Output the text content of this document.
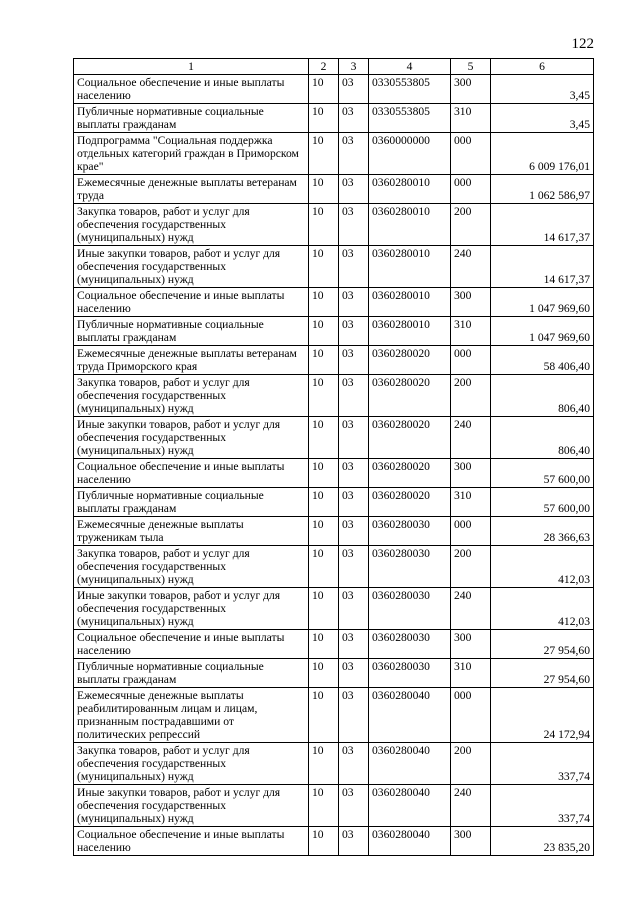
122
1	2	3	4	5	6
Социальное обеспечение и иные выплаты населению	10	03	0330553805	300	3,45
Публичные нормативные социальные выплаты гражданам	10	03	0330553805	310	3,45
Подпрограмма "Социальная поддержка отдельных категорий граждан в Приморском крае"	10	03	0360000000	000	6 009 176,01
Ежемесячные денежные выплаты ветеранам труда	10	03	0360280010	000	1 062 586,97
Закупка товаров, работ и услуг для обеспечения государственных (муниципальных) нужд	10	03	0360280010	200	14 617,37
Иные закупки товаров, работ и услуг для обеспечения государственных (муниципальных) нужд	10	03	0360280010	240	14 617,37
Социальное обеспечение и иные выплаты населению	10	03	0360280010	300	1 047 969,60
Публичные нормативные социальные выплаты гражданам	10	03	0360280010	310	1 047 969,60
Ежемесячные денежные выплаты ветеранам труда Приморского края	10	03	0360280020	000	58 406,40
Закупка товаров, работ и услуг для обеспечения государственных (муниципальных) нужд	10	03	0360280020	200	806,40
Иные закупки товаров, работ и услуг для обеспечения государственных (муниципальных) нужд	10	03	0360280020	240	806,40
Социальное обеспечение и иные выплаты населению	10	03	0360280020	300	57 600,00
Публичные нормативные социальные выплаты гражданам	10	03	0360280020	310	57 600,00
Ежемесячные денежные выплаты труженикам тыла	10	03	0360280030	000	28 366,63
Закупка товаров, работ и услуг для обеспечения государственных (муниципальных) нужд	10	03	0360280030	200	412,03
Иные закупки товаров, работ и услуг для обеспечения государственных (муниципальных) нужд	10	03	0360280030	240	412,03
Социальное обеспечение и иные выплаты населению	10	03	0360280030	300	27 954,60
Публичные нормативные социальные выплаты гражданам	10	03	0360280030	310	27 954,60
Ежемесячные денежные выплаты реабилитированным лицам и лицам, признанным пострадавшими от политических репрессий	10	03	0360280040	000	24 172,94
Закупка товаров, работ и услуг для обеспечения государственных (муниципальных) нужд	10	03	0360280040	200	337,74
Иные закупки товаров, работ и услуг для обеспечения государственных (муниципальных) нужд	10	03	0360280040	240	337,74
Социальное обеспечение и иные выплаты населению	10	03	0360280040	300	23 835,20
